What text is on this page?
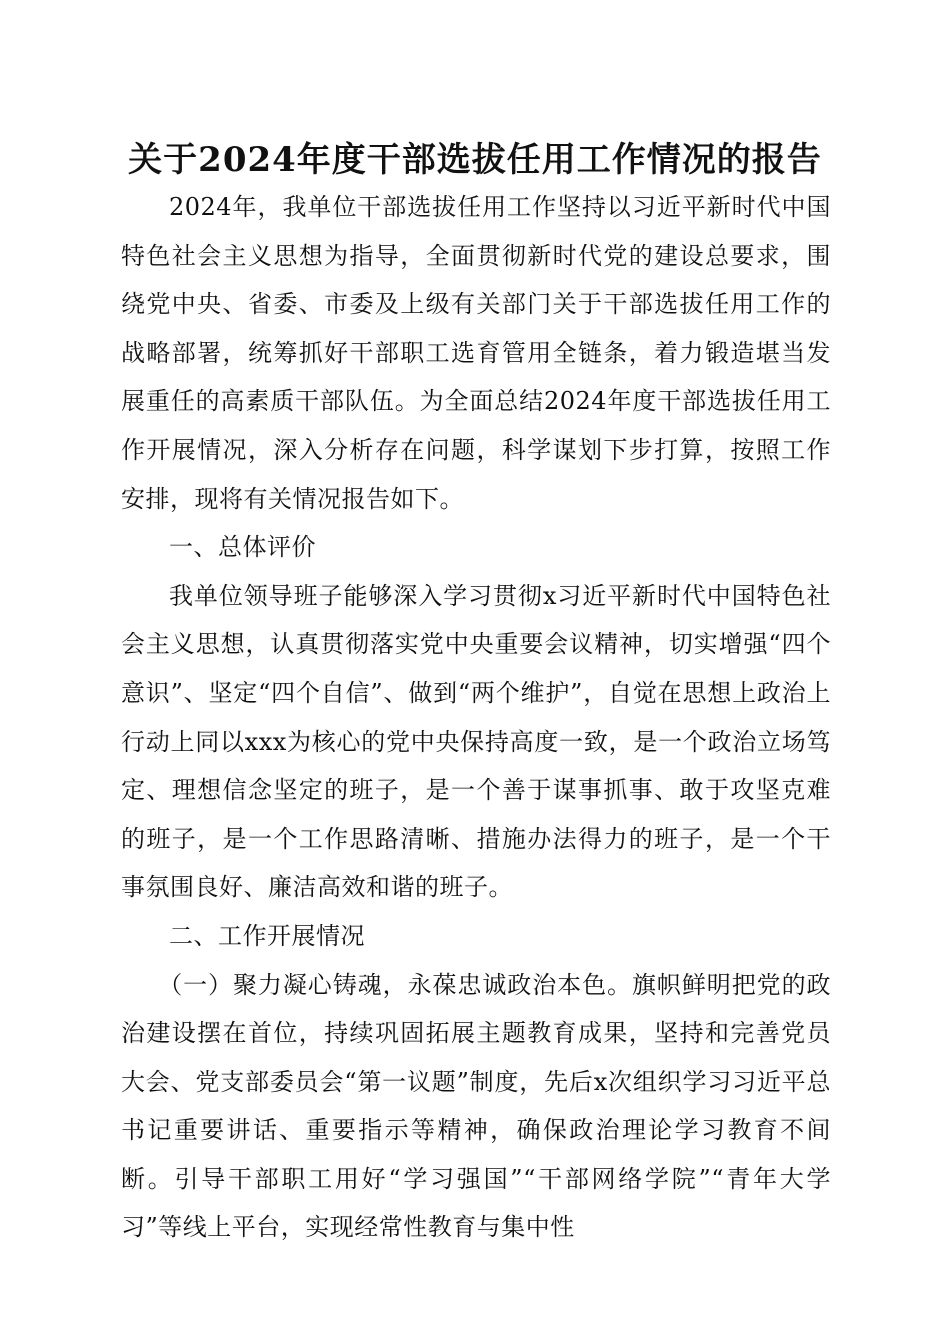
关于2024年度干部选拔任用工作情况的报告

2024年，我单位干部选拔任用工作坚持以习近平新时代中国特色社会主义思想为指导，全面贯彻新时代党的建设总要求，围绕党中央、省委、市委及上级有关部门关于干部选拔任用工作的战略部署，统筹抓好干部职工选育管用全链条，着力锻造堪当发展重任的高素质干部队伍。为全面总结2024年度干部选拔任用工作开展情况，深入分析存在问题，科学谋划下步打算，按照工作安排，现将有关情况报告如下。

一、总体评价

我单位领导班子能够深入学习贯彻x习近平新时代中国特色社会主义思想，认真贯彻落实党中央重要会议精神，切实增强“四个意识”、坚定“四个自信”、做到“两个维护”，自觉在思想上政治上行动上同以xxx为核心的党中央保持高度一致，是一个政治立场笃定、理想信念坚定的班子，是一个善于谋事抓事、敢于攻坚克难的班子，是一个工作思路清晰、措施办法得力的班子，是一个干事氛围良好、廉洁高效和谐的班子。

二、工作开展情况

（一）聚力凝心铸魂，永葆忠诚政治本色。旗帜鲜明把党的政治建设摆在首位，持续巩固拓展主题教育成果，坚持和完善党员大会、党支部委员会“第一议题”制度，先后x次组织学习习近平总书记重要讲话、重要指示等精神，确保政治理论学习教育不间断。引导干部职工用好“学习强国”“干部网络学院”“青年大学习”等线上平台，实现经常性教育与集中性
